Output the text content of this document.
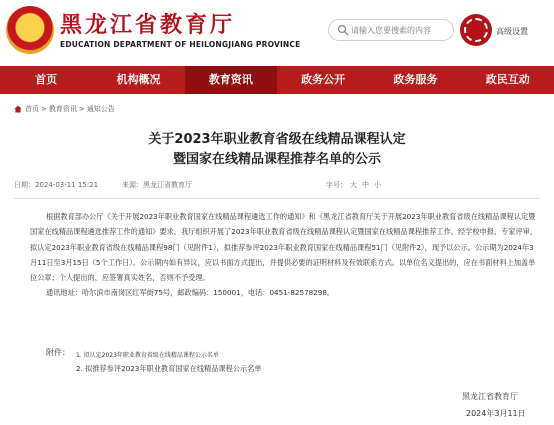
黑龙江省教育厅
EDUCATION DEPARTMENT OF HEILONGJIANG PROVINCE
请输入您要搜索的内容
高级设置
首页	机构概况	教育资讯	政务公开	政务服务	政民互动
首页 > 教育资讯 > 通知公告
关于2023年职业教育省级在线精品课程认定
暨国家在线精品课程推荐名单的公示
日期：2024-03-11 15:21	来源：黑龙江省教育厅	字号： 大 中 小

根据教育部办公厅《关于开展2023年职业教育国家在线精品课程遴选工作的通知》和《黑龙江省教育厅关于开展2023年职业教育省级在线精品课程认定暨国家在线精品课程遴选推荐工作的通知》要求，我厅组织开展了2023年职业教育省级在线精品课程认定暨国家在线精品课程推荐工作。经学校申报、专家评审，拟认定2023年职业教育省级在线精品课程98门（见附件1），拟推荐参评2023年职业教育国家在线精品课程51门（见附件2），现予以公示。公示期为2024年3月11日至3月15日（5个工作日）。公示期内如有异议，应以书面方式提出，并提供必要的证明材料及有效联系方式。以单位名义提出的，应在书面材料上加盖单位公章；个人提出的，应签署真实姓名，否则不予受理。

通讯地址：哈尔滨市南岗区红军街75号，邮政编码：150001，电话：0451-82578298。

附件： 1. 拟认定2023年职业教育省级在线精品课程公示名单
2. 拟推荐参评2023年职业教育国家在线精品课程公示名单
黑龙江省教育厅
2024年3月11日
